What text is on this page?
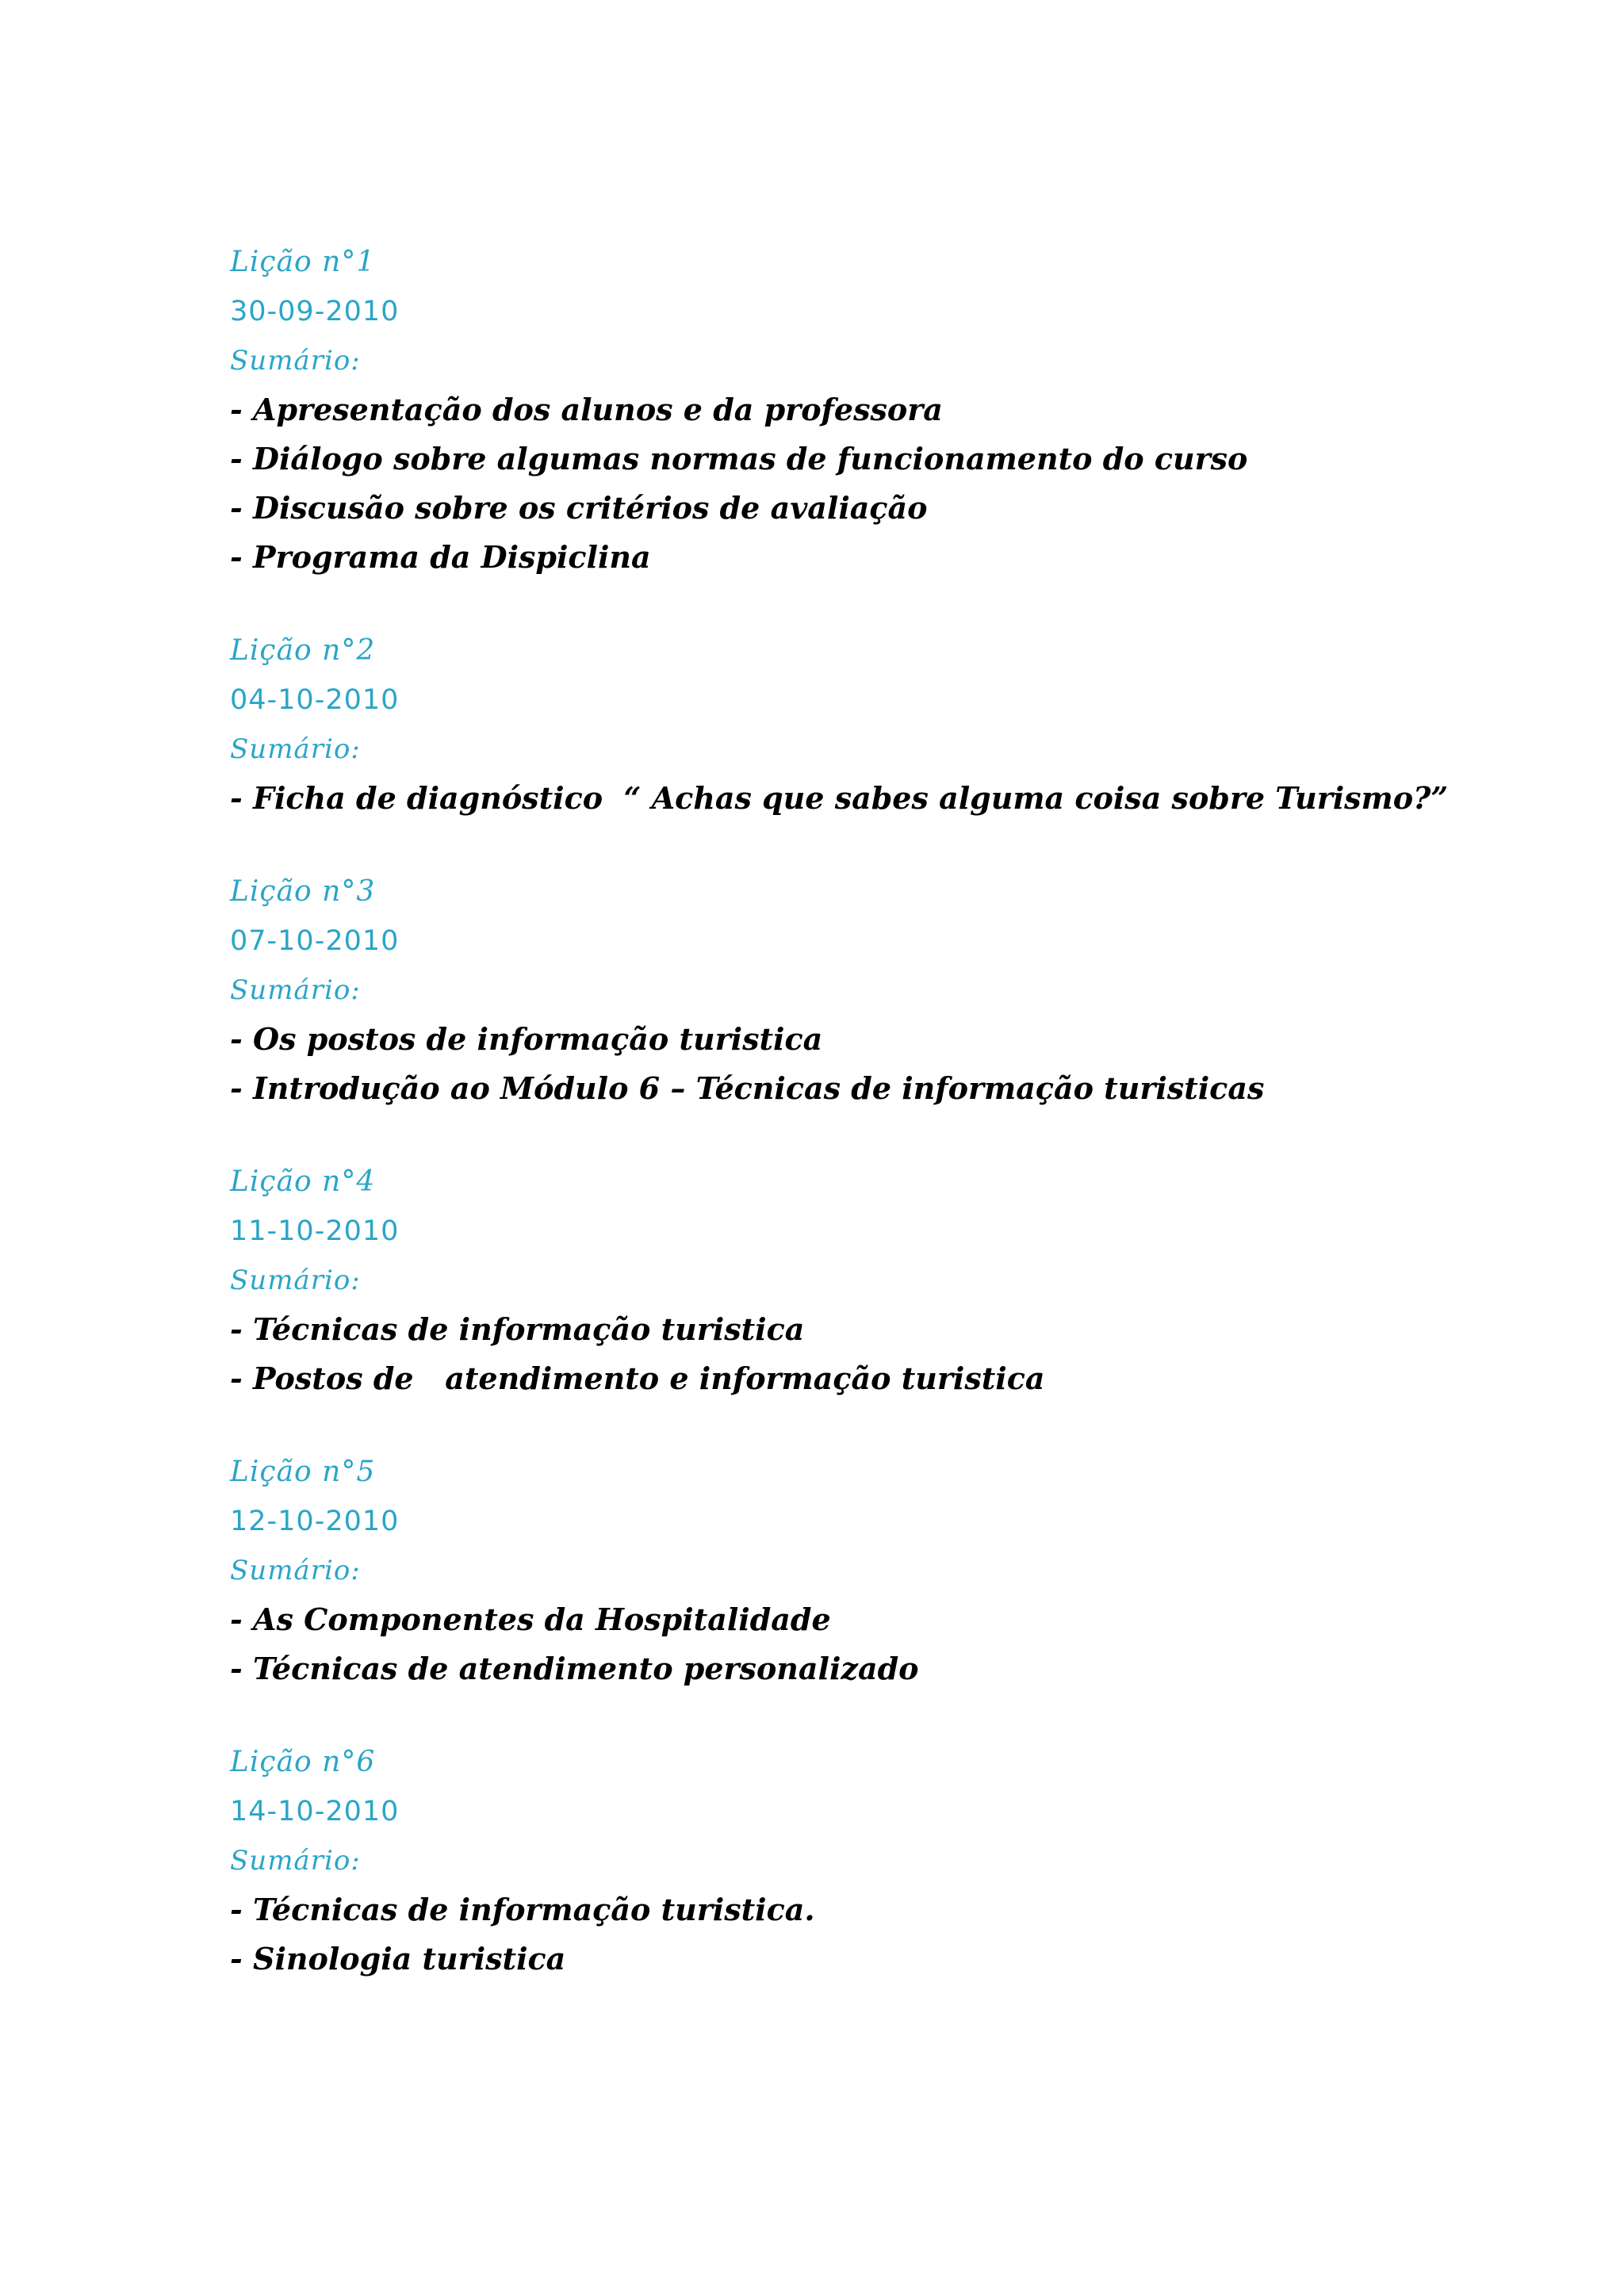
Lição n°1
30-09-2010
Sumário:
- Apresentação dos alunos e da professora
- Diálogo sobre algumas normas de funcionamento do curso
- Discusão sobre os critérios de avaliação
- Programa da Dispiclina
Lição n°2
04-10-2010
Sumário:
- Ficha de diagnóstico  “ Achas que sabes alguma coisa sobre Turismo?”
Lição n°3
07-10-2010
Sumário:
- Os postos de informação turistica
- Introdução ao Módulo 6 – Técnicas de informação turisticas
Lição n°4
11-10-2010
Sumário:
- Técnicas de informação turistica
- Postos de   atendimento e informação turistica
Lição n°5
12-10-2010
Sumário:
- As Componentes da Hospitalidade
- Técnicas de atendimento personalizado
Lição n°6
14-10-2010
Sumário:
- Técnicas de informação turistica.
- Sinologia turistica
